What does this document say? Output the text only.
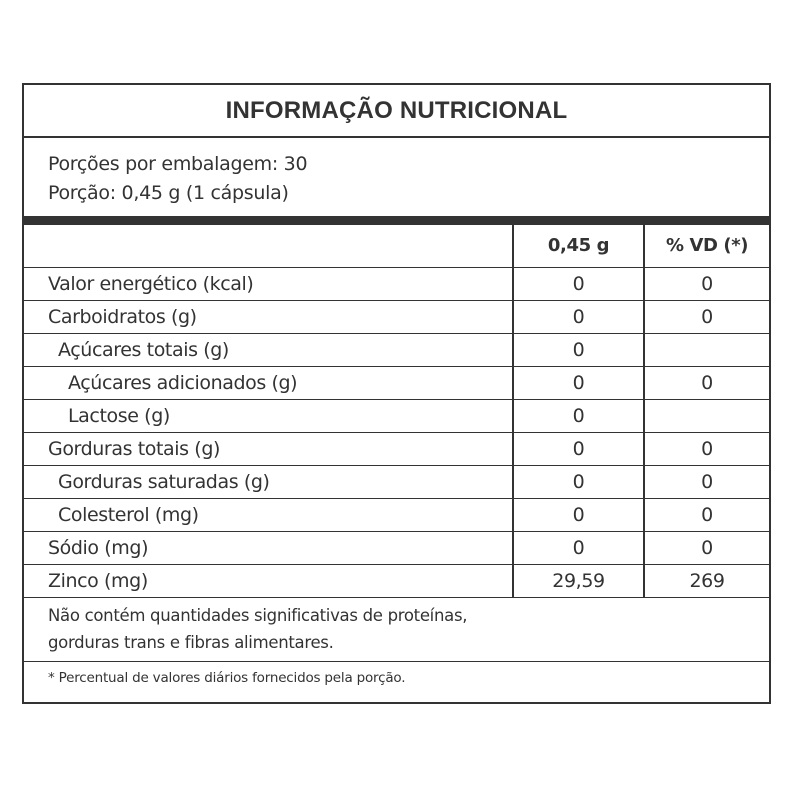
INFORMAÇÃO NUTRICIONAL
Porções por embalagem: 30
Porção: 0,45 g (1 cápsula)
	0,45 g	% VD (*)
Valor energético (kcal)	0	0
Carboidratos (g)	0	0
Açúcares totais (g)	0	
Açúcares adicionados (g)	0	0
Lactose (g)	0	
Gorduras totais (g)	0	0
Gorduras saturadas (g)	0	0
Colesterol (mg)	0	0
Sódio (mg)	0	0
Zinco (mg)	29,59	269
Não contém quantidades significativas de proteínas,
gorduras trans e fibras alimentares.
* Percentual de valores diários fornecidos pela porção.
